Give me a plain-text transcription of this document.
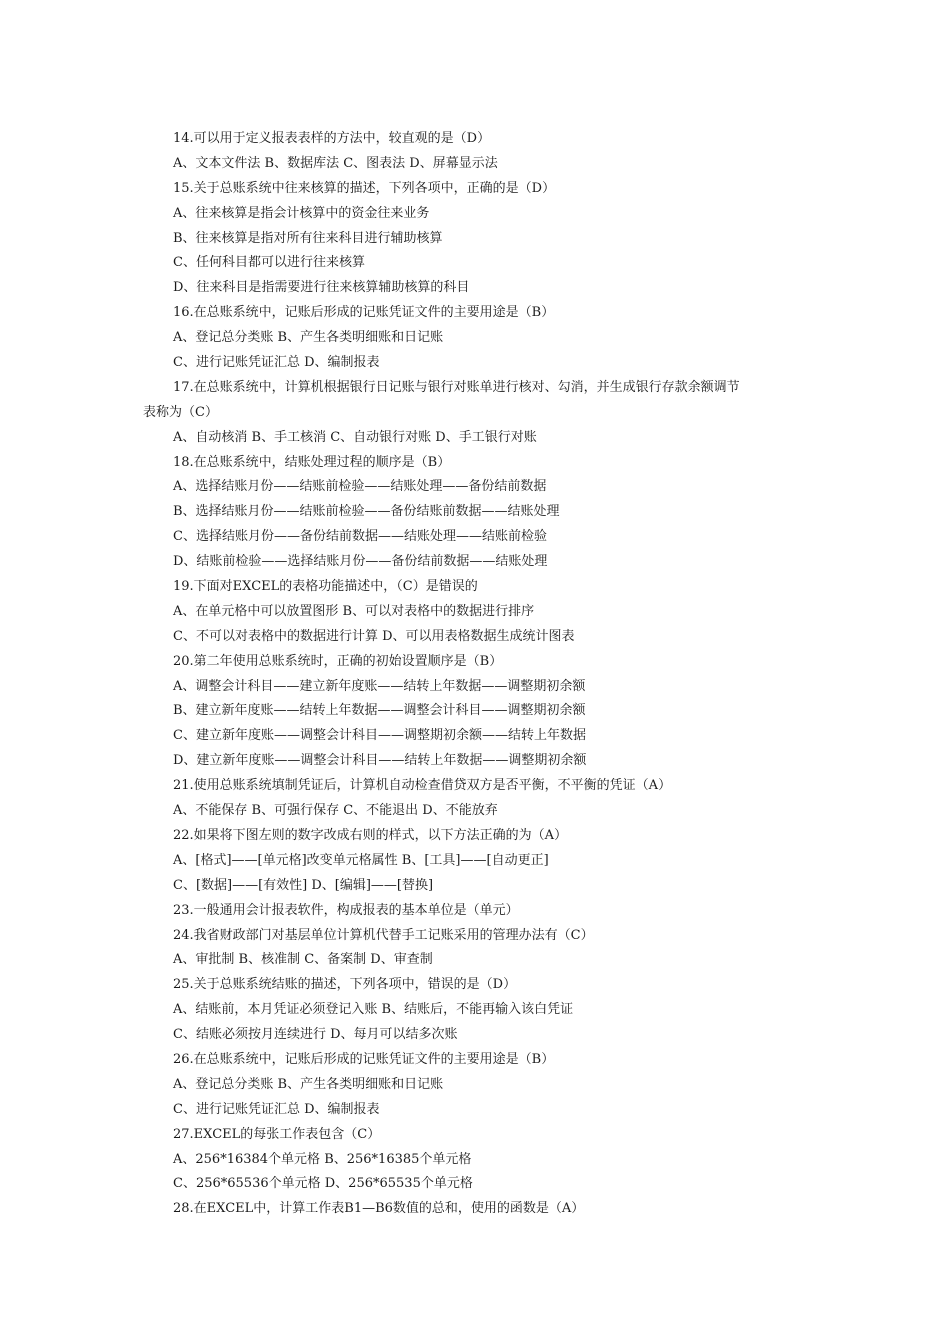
14.可以用于定义报表表样的方法中，较直观的是（D）
A、文本文件法 B、数据库法 C、图表法 D、屏幕显示法
15.关于总账系统中往来核算的描述，下列各项中，正确的是（D）
A、往来核算是指会计核算中的资金往来业务
B、往来核算是指对所有往来科目进行辅助核算
C、任何科目都可以进行往来核算
D、往来科目是指需要进行往来核算辅助核算的科目
16.在总账系统中，记账后形成的记账凭证文件的主要用途是（B）
A、登记总分类账 B、产生各类明细账和日记账
C、进行记账凭证汇总 D、编制报表
17.在总账系统中，计算机根据银行日记账与银行对账单进行核对、勾消，并生成银行存款余额调节
表称为（C）
A、自动核消 B、手工核消 C、自动银行对账 D、手工银行对账
18.在总账系统中，结账处理过程的顺序是（B）
A、选择结账月份——结账前检验——结账处理——备份结前数据
B、选择结账月份——结账前检验——备份结账前数据——结账处理
C、选择结账月份——备份结前数据——结账处理——结账前检验
D、结账前检验——选择结账月份——备份结前数据——结账处理
19.下面对EXCEL的表格功能描述中，（C）是错误的
A、在单元格中可以放置图形 B、可以对表格中的数据进行排序
C、不可以对表格中的数据进行计算 D、可以用表格数据生成统计图表
20.第二年使用总账系统时，正确的初始设置顺序是（B）
A、调整会计科目——建立新年度账——结转上年数据——调整期初余额
B、建立新年度账——结转上年数据——调整会计科目——调整期初余额
C、建立新年度账——调整会计科目——调整期初余额——结转上年数据
D、建立新年度账——调整会计科目——结转上年数据——调整期初余额
21.使用总账系统填制凭证后，计算机自动检查借贷双方是否平衡，不平衡的凭证（A）
A、不能保存 B、可强行保存 C、不能退出 D、不能放弃
22.如果将下图左则的数字改成右则的样式，以下方法正确的为（A）
A、[格式]——[单元格]改变单元格属性 B、[工具]——[自动更正]
C、[数据]——[有效性] D、[编辑]——[替换]
23.一般通用会计报表软件，构成报表的基本单位是（单元）
24.我省财政部门对基层单位计算机代替手工记账采用的管理办法有（C）
A、审批制 B、核准制 C、备案制 D、审查制
25.关于总账系统结账的描述，下列各项中，错误的是（D）
A、结账前，本月凭证必须登记入账 B、结账后，不能再输入该白凭证
C、结账必须按月连续进行 D、每月可以结多次账
26.在总账系统中，记账后形成的记账凭证文件的主要用途是（B）
A、登记总分类账 B、产生各类明细账和日记账
C、进行记账凭证汇总 D、编制报表
27.EXCEL的每张工作表包含（C）
A、256*16384个单元格 B、256*16385个单元格
C、256*65536个单元格 D、256*65535个单元格
28.在EXCEL中，计算工作表B1—B6数值的总和，使用的函数是（A）
